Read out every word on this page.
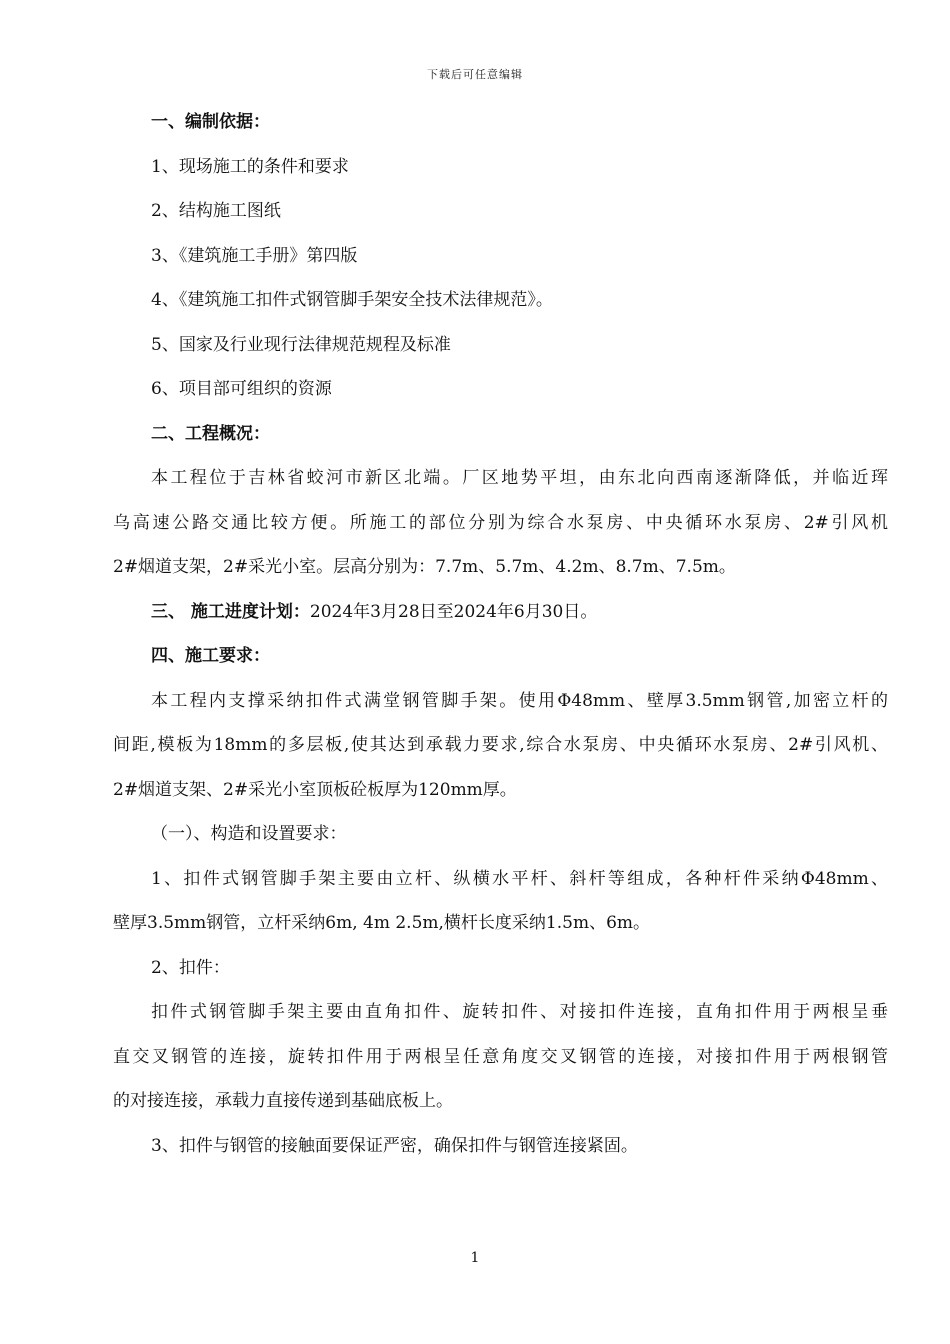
下载后可任意编辑
一、编制依据：
1、现场施工的条件和要求
2、结构施工图纸
3、《建筑施工手册》第四版
4、《建筑施工扣件式钢管脚手架安全技术法律规范》。
5、国家及行业现行法律规范规程及标准
6、项目部可组织的资源
二、工程概况：
本工程位于吉林省蛟河市新区北端。厂区地势平坦，由东北向西南逐渐降低，并临近珲
乌高速公路交通比较方便。所施工的部位分别为综合水泵房、中央循环水泵房、2#引风机
2#烟道支架，2#采光小室。层高分别为：7.7m、5.7m、4.2m、8.7m、7.5m。
三、 施工进度计划：2024年3月28日至2024年6月30日。
四、施工要求：
本工程内支撑采纳扣件式满堂钢管脚手架。使用Φ48mm、壁厚3.5mm钢管,加密立杆的
间距,模板为18mm的多层板,使其达到承载力要求,综合水泵房、中央循环水泵房、2#引风机、
2#烟道支架、2#采光小室顶板砼板厚为120mm厚。
（一）、构造和设置要求：
1、扣件式钢管脚手架主要由立杆、纵横水平杆、斜杆等组成，各种杆件采纳Φ48mm、
壁厚3.5mm钢管，立杆采纳6m, 4m 2.5m,横杆长度采纳1.5m、6m。
2、扣件：
扣件式钢管脚手架主要由直角扣件、旋转扣件、对接扣件连接，直角扣件用于两根呈垂
直交叉钢管的连接，旋转扣件用于两根呈任意角度交叉钢管的连接，对接扣件用于两根钢管
的对接连接，承载力直接传递到基础底板上。
3、扣件与钢管的接触面要保证严密，确保扣件与钢管连接紧固。
1
